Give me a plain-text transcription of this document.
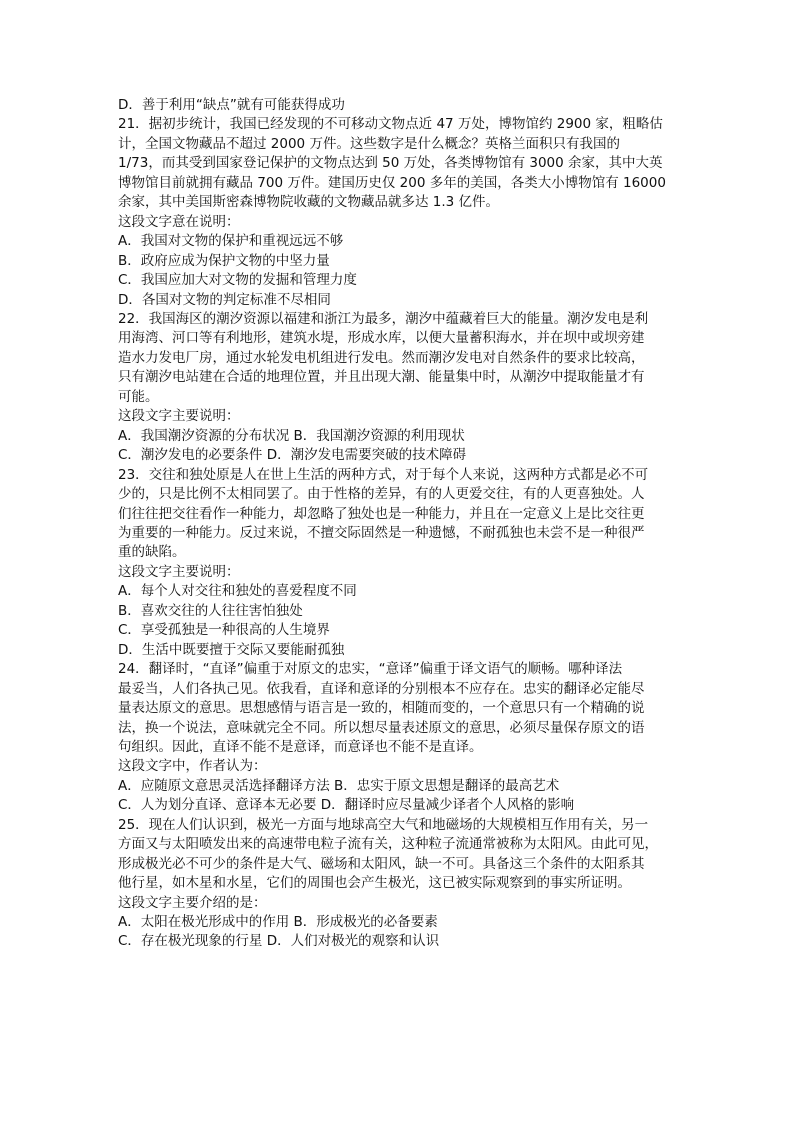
D．善于利用“缺点”就有可能获得成功
21．据初步统计，我国已经发现的不可移动文物点近 47 万处，博物馆约 2900 家，粗略估
计，全国文物藏品不超过 2000 万件。这些数字是什么概念？英格兰面积只有我国的
1/73，而其受到国家登记保护的文物点达到 50 万处，各类博物馆有 3000 余家，其中大英
博物馆目前就拥有藏品 700 万件。建国历史仅 200 多年的美国，各类大小博物馆有 16000
余家，其中美国斯密森博物院收藏的文物藏品就多达 1.3 亿件。
这段文字意在说明：
A．我国对文物的保护和重视远远不够
B．政府应成为保护文物的中坚力量
C．我国应加大对文物的发掘和管理力度
D．各国对文物的判定标准不尽相同
22．我国海区的潮汐资源以福建和浙江为最多，潮汐中蕴藏着巨大的能量。潮汐发电是利
用海湾、河口等有利地形，建筑水堤，形成水库，以便大量蓄积海水，并在坝中或坝旁建
造水力发电厂房，通过水轮发电机组进行发电。然而潮汐发电对自然条件的要求比较高，
只有潮汐电站建在合适的地理位置，并且出现大潮、能量集中时，从潮汐中提取能量才有
可能。
这段文字主要说明：
A．我国潮汐资源的分布状况 B．我国潮汐资源的利用现状
C．潮汐发电的必要条件 D．潮汐发电需要突破的技术障碍
23．交往和独处原是人在世上生活的两种方式，对于每个人来说，这两种方式都是必不可
少的，只是比例不太相同罢了。由于性格的差异，有的人更爱交往，有的人更喜独处。人
们往往把交往看作一种能力，却忽略了独处也是一种能力，并且在一定意义上是比交往更
为重要的一种能力。反过来说，不擅交际固然是一种遗憾，不耐孤独也未尝不是一种很严
重的缺陷。
这段文字主要说明：
A．每个人对交往和独处的喜爱程度不同
B．喜欢交往的人往往害怕独处
C．享受孤独是一种很高的人生境界
D．生活中既要擅于交际又要能耐孤独
24．翻译时，“直译”偏重于对原文的忠实，“意译”偏重于译文语气的顺畅。哪种译法
最妥当，人们各执己见。依我看，直译和意译的分别根本不应存在。忠实的翻译必定能尽
量表达原文的意思。思想感情与语言是一致的，相随而变的，一个意思只有一个精确的说
法，换一个说法，意味就完全不同。所以想尽量表述原文的意思，必须尽量保存原文的语
句组织。因此，直译不能不是意译，而意译也不能不是直译。
这段文字中，作者认为：
A．应随原文意思灵活选择翻译方法 B．忠实于原文思想是翻译的最高艺术
C．人为划分直译、意译本无必要 D．翻译时应尽量减少译者个人风格的影响
25．现在人们认识到，极光一方面与地球高空大气和地磁场的大规模相互作用有关，另一
方面又与太阳喷发出来的高速带电粒子流有关，这种粒子流通常被称为太阳风。由此可见，
形成极光必不可少的条件是大气、磁场和太阳风，缺一不可。具备这三个条件的太阳系其
他行星，如木星和水星，它们的周围也会产生极光，这已被实际观察到的事实所证明。
这段文字主要介绍的是：
A．太阳在极光形成中的作用 B．形成极光的必备要素
C．存在极光现象的行星 D．人们对极光的观察和认识
